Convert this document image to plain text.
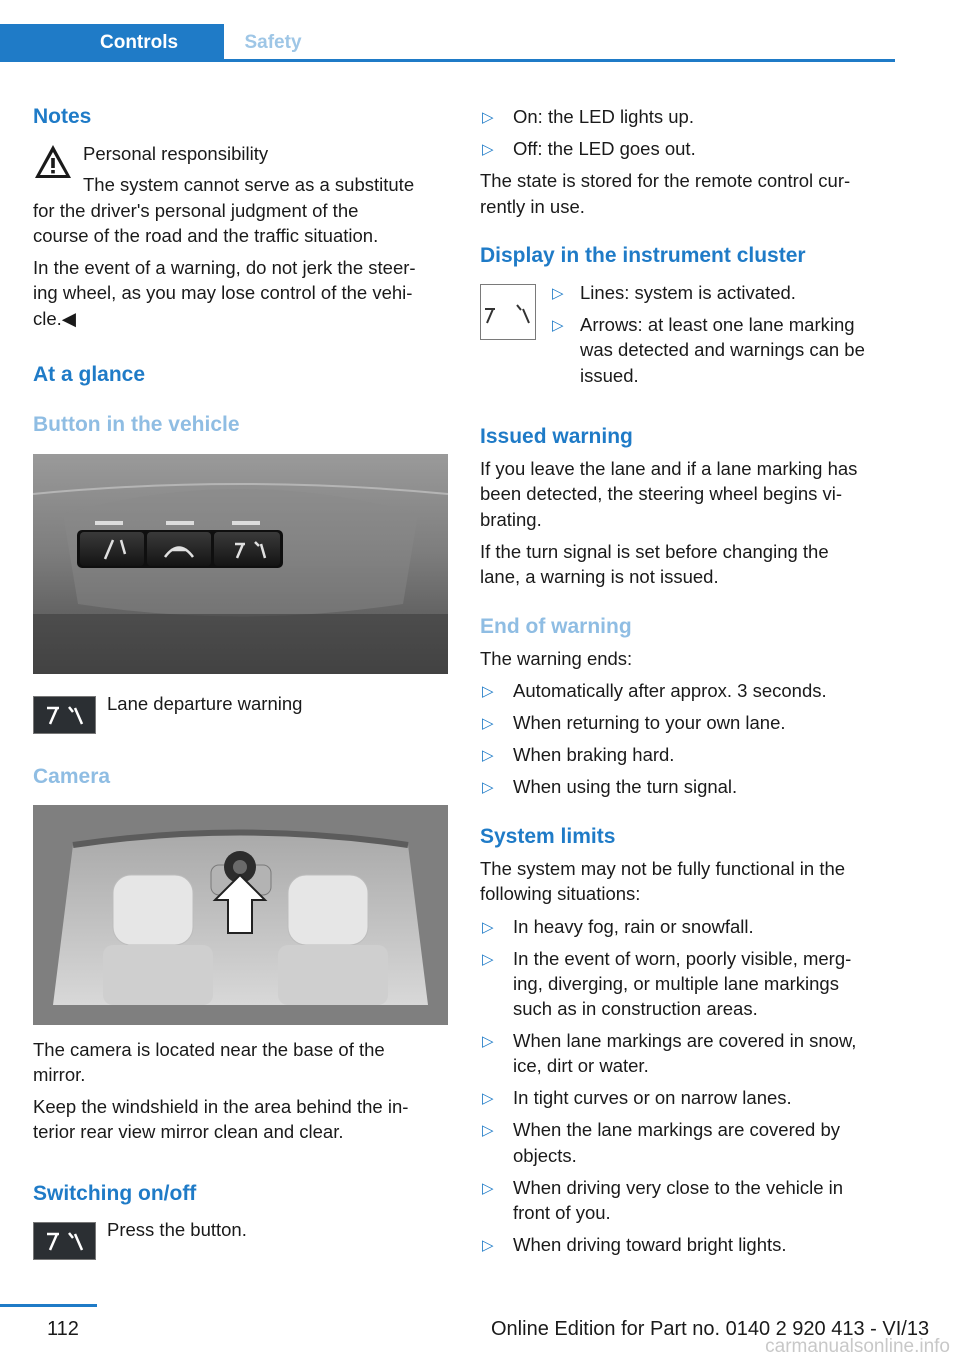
Controls	Safety
Notes
Personal responsibility
The system cannot serve as a substitute
for the driver's personal judgment of the
course of the road and the traffic situation.
In the event of a warning, do not jerk the steer‐
ing wheel, as you may lose control of the vehi‐
cle.◀
At a glance
Button in the vehicle
Lane departure warning
Camera
The camera is located near the base of the
mirror.
Keep the windshield in the area behind the in‐
terior rear view mirror clean and clear.
Switching on/off
Press the button.
▷ On: the LED lights up.
▷ Off: the LED goes out.
The state is stored for the remote control cur‐
rently in use.
Display in the instrument cluster
▷ Lines: system is activated.
▷ Arrows: at least one lane marking
was detected and warnings can be
issued.
Issued warning
If you leave the lane and if a lane marking has
been detected, the steering wheel begins vi‐
brating.
If the turn signal is set before changing the
lane, a warning is not issued.
End of warning
The warning ends:
▷ Automatically after approx. 3 seconds.
▷ When returning to your own lane.
▷ When braking hard.
▷ When using the turn signal.
System limits
The system may not be fully functional in the
following situations:
▷ In heavy fog, rain or snowfall.
▷ In the event of worn, poorly visible, merg‐
ing, diverging, or multiple lane markings
such as in construction areas.
▷ When lane markings are covered in snow,
ice, dirt or water.
▷ In tight curves or on narrow lanes.
▷ When the lane markings are covered by
objects.
▷ When driving very close to the vehicle in
front of you.
▷ When driving toward bright lights.
112	Online Edition for Part no. 0140 2 920 413 - VI/13
carmanualsonline.info
